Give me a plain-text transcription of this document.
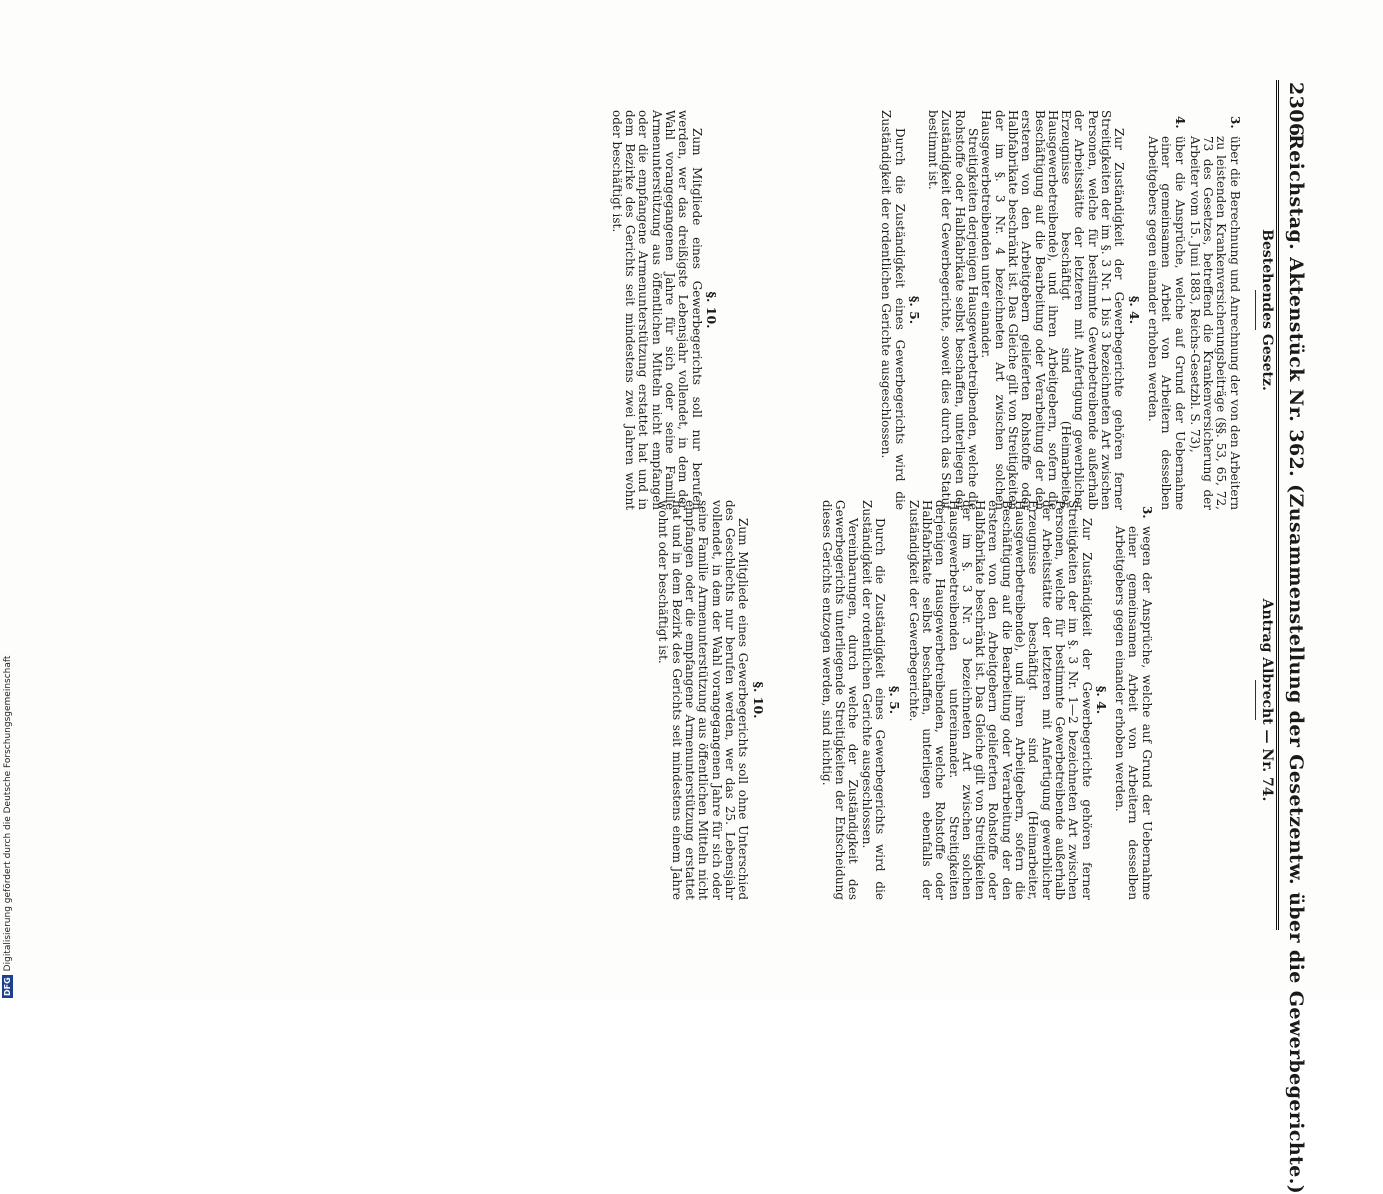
2306
Reichstag. Aktenstück Nr. 362. (Zusammenstellung der Gesetzentw. über die Gewerbegerichte.)
Bestehendes Gesetz.
3.
über die Berechnung und Anrechnung der von den Arbeitern zu leistenden Krankenversicherungsbeiträge (§§. 53, 65, 72, 73 des Gesetzes, betreffend die Krankenversicherung der Arbeiter vom 15. Juni 1883, Reichs-Gesetzbl. S. 73),
4.
über die Ansprüche, welche auf Grund der Uebernahme einer gemeinsamen Arbeit von Arbeitern desselben Arbeitgebers gegen einander erhoben werden.
§. 4.

Zur Zuständigkeit der Gewerbegerichte gehören ferner Streitigkeiten der im §. 3 Nr. 1 bis 3 bezeichneten Art zwischen Personen, welche für bestimmte Gewerbetreibende außerhalb der Arbeitsstätte der letzteren mit Anfertigung gewerblicher Erzeugnisse beschäftigt sind (Heimarbeiter, Hausgewerbetreibende), und ihren Arbeitgebern, sofern die Beschäftigung auf die Bearbeitung oder Verarbeitung der den ersteren von den Arbeitgebern gelieferten Rohstoffe oder Halbfabrikate beschränkt ist. Das Gleiche gilt von Streitigkeiten der im §. 3 Nr. 4 bezeichneten Art zwischen solchen Hausgewerbetreibenden unter einander.

Streitigkeiten derjenigen Hausgewerbetreibenden, welche die Rohstoffe oder Halbfabrikate selbst beschaffen, unterliegen der Zuständigkeit der Gewerbegerichte, soweit dies durch das Statut bestimmt ist.

§. 5.

Durch die Zuständigkeit eines Gewerbegerichts wird die Zuständigkeit der ordentlichen Gerichte ausgeschlossen.

§. 10.

Zum Mitgliede eines Gewerbegerichts soll nur berufen werden, wer das dreißigste Lebensjahr vollendet, in dem der Wahl vorangegangenen Jahre für sich oder seine Familie Armenunterstützung aus öffentlichen Mitteln nicht empfangen oder die empfangene Armenunterstützung erstattet hat und in dem Bezirke des Gerichts seit mindestens zwei Jahren wohnt oder beschäftigt ist.

Antrag Albrecht — Nr. 74.
3.
wegen der Ansprüche, welche auf Grund der Uebernahme einer gemeinsamen Arbeit von Arbeitern desselben Arbeitgebers gegen einander erhoben werden.
§. 4.

Zur Zuständigkeit der Gewerbegerichte gehören ferner Streitigkeiten der im §. 3 Nr. 1—2 bezeichneten Art zwischen Personen, welche für bestimmte Gewerbetreibende außerhalb der Arbeitsstätte der letzteren mit Anfertigung gewerblicher Erzeugnisse beschäftigt sind (Heimarbeiter, Hausgewerbetreibende), und ihren Arbeitgebern, sofern die Beschäftigung auf die Bearbeitung oder Verarbeitung der den ersteren von den Arbeitgebern gelieferten Rohstoffe oder Halbfabrikate beschränkt ist. Das Gleiche gilt von Streitigkeiten der im §. 3 Nr. 3 bezeichneten Art zwischen solchen Hausgewerbetreibenden untereinander. Streitigkeiten derjenigen Hausgewerbetreibenden, welche Rohstoffe oder Halbfabrikate selbst beschaffen, unterliegen ebenfalls der Zuständigkeit der Gewerbegerichte.

§. 5.

Durch die Zuständigkeit eines Gewerbegerichts wird die Zuständigkeit der ordentlichen Gerichte ausgeschlossen.

Vereinbarungen, durch welche der Zuständigkeit des Gewerbegerichts unterliegende Streitigkeiten der Entscheidung dieses Gerichts entzogen werden, sind nichtig.

§. 10.

Zum Mitgliede eines Gewerbegerichts soll ohne Unterschied des Geschlechts nur berufen werden, wer das 25. Lebensjahr vollendet, in dem der Wahl vorangegangenen Jahre für sich oder seine Familie Armenunterstützung aus öffentlichen Mitteln nicht empfangen oder die empfangene Armenunterstützung erstattet hat und in dem Bezirk des Gerichts seit mindestens einem Jahre wohnt oder beschäftigt ist.

DFGDigitalisierung gefördert durch die Deutsche Forschungsgemeinschaft
